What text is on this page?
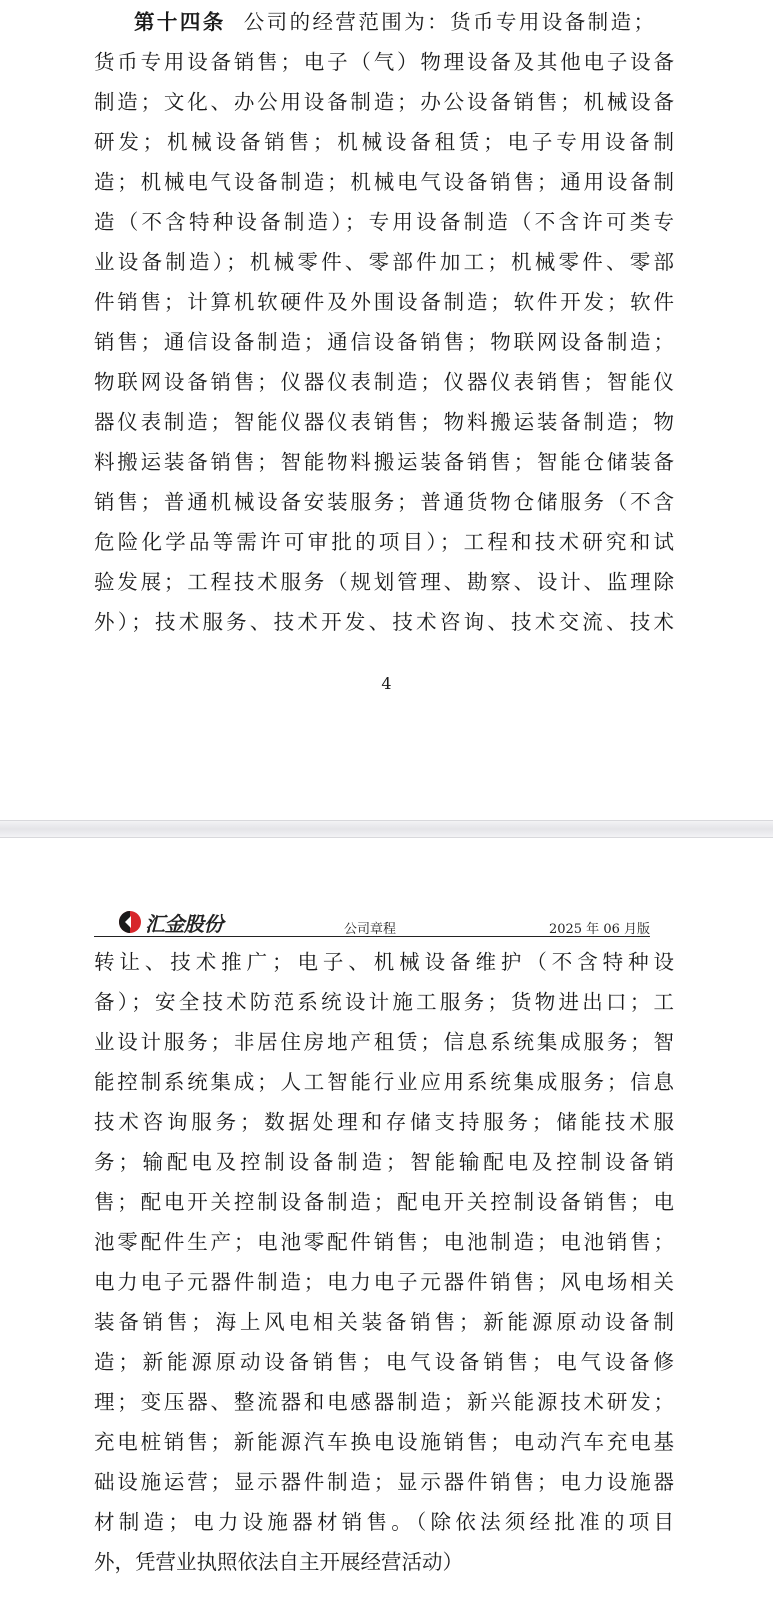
第十四条 公司的经营范围为：货币专用设备制造；
货币专用设备销售；电子（气）物理设备及其他电子设备
制造；文化、办公用设备制造；办公设备销售；机械设备
研发；机械设备销售；机械设备租赁；电子专用设备制
造；机械电气设备制造；机械电气设备销售；通用设备制
造（不含特种设备制造）；专用设备制造（不含许可类专
业设备制造）；机械零件、零部件加工；机械零件、零部
件销售；计算机软硬件及外围设备制造；软件开发；软件
销售；通信设备制造；通信设备销售；物联网设备制造；
物联网设备销售；仪器仪表制造；仪器仪表销售；智能仪
器仪表制造；智能仪器仪表销售；物料搬运装备制造；物
料搬运装备销售；智能物料搬运装备销售；智能仓储装备
销售；普通机械设备安装服务；普通货物仓储服务（不含
危险化学品等需许可审批的项目）；工程和技术研究和试
验发展；工程技术服务（规划管理、勘察、设计、监理除
外）；技术服务、技术开发、技术咨询、技术交流、技术
4
汇金股份	公司章程	2025 年 06 月版
转让、技术推广；电子、机械设备维护（不含特种设
备）；安全技术防范系统设计施工服务；货物进出口；工
业设计服务；非居住房地产租赁；信息系统集成服务；智
能控制系统集成；人工智能行业应用系统集成服务；信息
技术咨询服务；数据处理和存储支持服务；储能技术服
务；输配电及控制设备制造；智能输配电及控制设备销
售；配电开关控制设备制造；配电开关控制设备销售；电
池零配件生产；电池零配件销售；电池制造；电池销售；
电力电子元器件制造；电力电子元器件销售；风电场相关
装备销售；海上风电相关装备销售；新能源原动设备制
造；新能源原动设备销售；电气设备销售；电气设备修
理；变压器、整流器和电感器制造；新兴能源技术研发；
充电桩销售；新能源汽车换电设施销售；电动汽车充电基
础设施运营；显示器件制造；显示器件销售；电力设施器
材制造；电力设施器材销售。（除依法须经批准的项目
外，凭营业执照依法自主开展经营活动）
